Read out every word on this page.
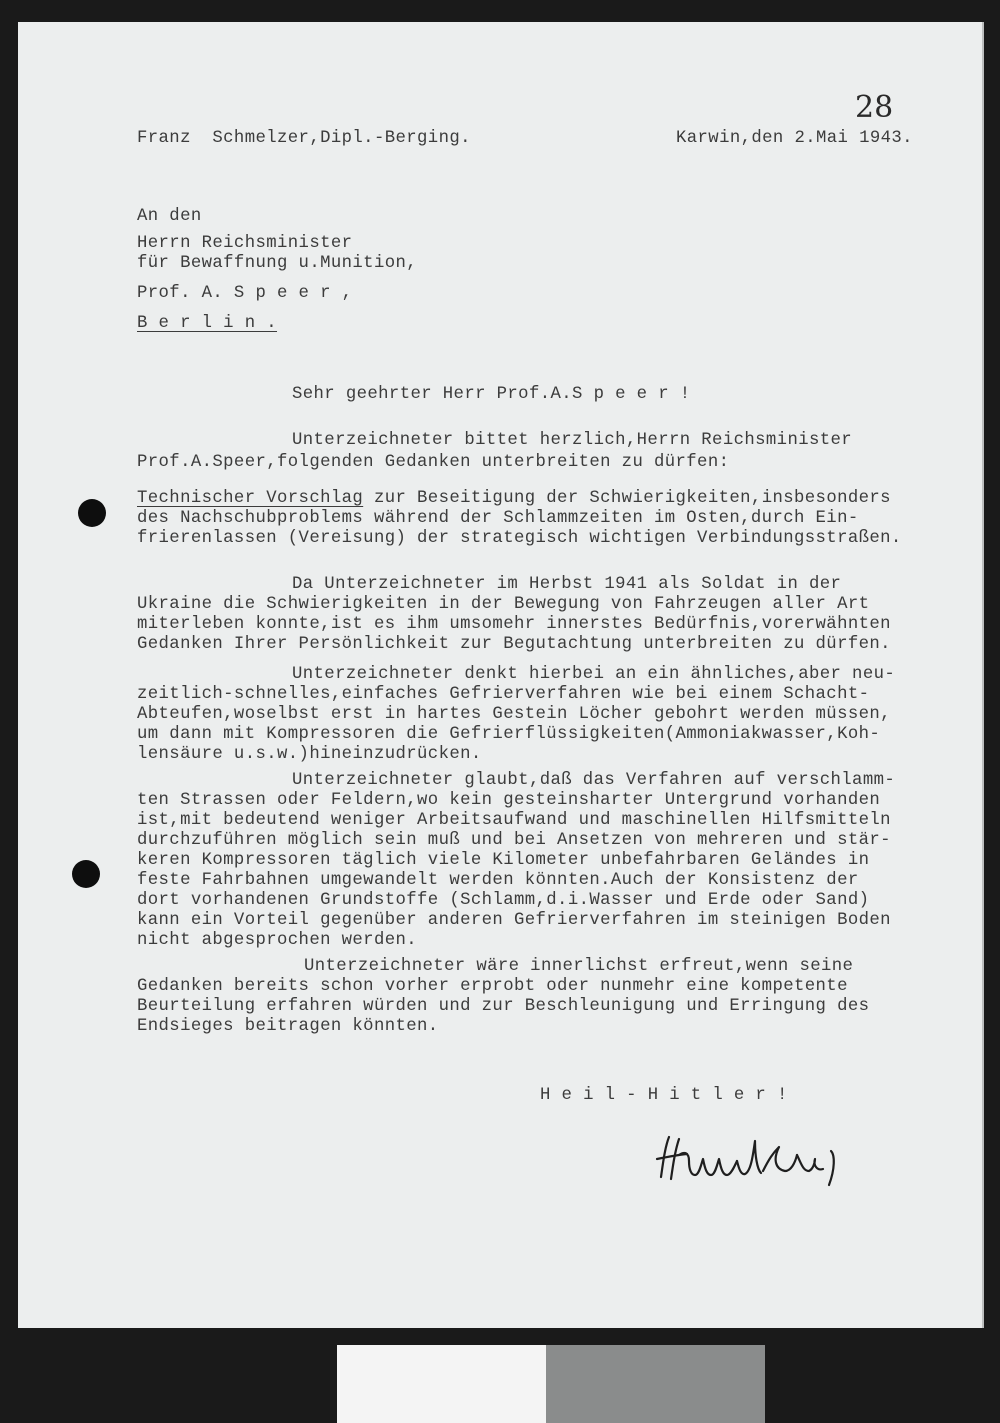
28
Franz  Schmelzer,Dipl.-Berging.	Karwin,den 2.Mai 1943.
An den
Herrn Reichsminister
für Bewaffnung u.Munition,
Prof. A. S p e e r ,
B e r l i n .
Sehr geehrter Herr Prof.A.S p e e r !
Unterzeichneter bittet herzlich,Herrn Reichsminister
Prof.A.Speer,folgenden Gedanken unterbreiten zu dürfen:
Technischer Vorschlag zur Beseitigung der Schwierigkeiten,insbesonders
des Nachschubproblems während der Schlammzeiten im Osten,durch Ein-
frierenlassen (Vereisung) der strategisch wichtigen Verbindungsstraßen.
Da Unterzeichneter im Herbst 1941 als Soldat in der
Ukraine die Schwierigkeiten in der Bewegung von Fahrzeugen aller Art
miterleben konnte,ist es ihm umsomehr innerstes Bedürfnis,vorerwähnten
Gedanken Ihrer Persönlichkeit zur Begutachtung unterbreiten zu dürfen.
Unterzeichneter denkt hierbei an ein ähnliches,aber neu-
zeitlich-schnelles,einfaches Gefrierverfahren wie bei einem Schacht-
Abteufen,woselbst erst in hartes Gestein Löcher gebohrt werden müssen,
um dann mit Kompressoren die Gefrierflüssigkeiten(Ammoniakwasser,Koh-
lensäure u.s.w.)hineinzudrücken.
Unterzeichneter glaubt,daß das Verfahren auf verschlamm-
ten Strassen oder Feldern,wo kein gesteinsharter Untergrund vorhanden
ist,mit bedeutend weniger Arbeitsaufwand und maschinellen Hilfsmitteln
durchzuführen möglich sein muß und bei Ansetzen von mehreren und stär-
keren Kompressoren täglich viele Kilometer unbefahrbaren Geländes in
feste Fahrbahnen umgewandelt werden könnten.Auch der Konsistenz der
dort vorhandenen Grundstoffe (Schlamm,d.i.Wasser und Erde oder Sand)
kann ein Vorteil gegenüber anderen Gefrierverfahren im steinigen Boden
nicht abgesprochen werden.
Unterzeichneter wäre innerlichst erfreut,wenn seine
Gedanken bereits schon vorher erprobt oder nunmehr eine kompetente
Beurteilung erfahren würden und zur Beschleunigung und Erringung des
Endsieges beitragen könnten.
H e i l - H i t l e r !
